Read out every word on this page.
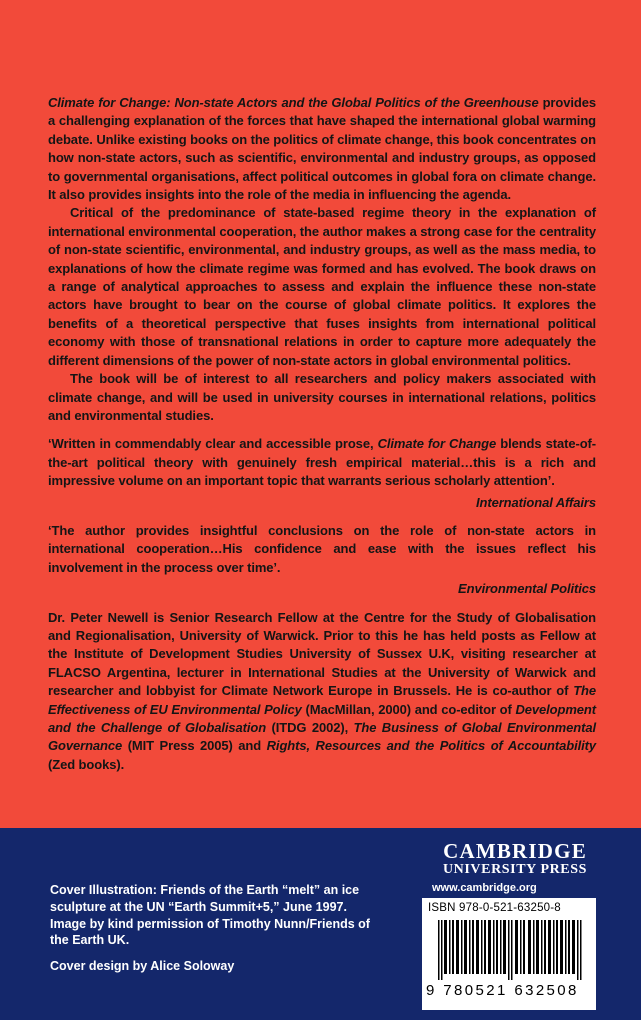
Climate for Change: Non-state Actors and the Global Politics of the Greenhouse provides a challenging explanation of the forces that have shaped the international global warming debate. Unlike existing books on the politics of climate change, this book concentrates on how non-state actors, such as scientific, environmental and industry groups, as opposed to governmental organisations, affect political outcomes in global fora on climate change. It also provides insights into the role of the media in influencing the agenda.

Critical of the predominance of state-based regime theory in the explanation of international environmental cooperation, the author makes a strong case for the centrality of non-state scientific, environmental, and industry groups, as well as the mass media, to explanations of how the climate regime was formed and has evolved. The book draws on a range of analytical approaches to assess and explain the influence these non-state actors have brought to bear on the course of global climate politics. It explores the benefits of a theoretical perspective that fuses insights from international political economy with those of transnational relations in order to capture more adequately the different dimensions of the power of non-state actors in global environmental politics.

The book will be of interest to all researchers and policy makers associated with climate change, and will be used in university courses in international relations, politics and environmental studies.

‘Written in commendably clear and accessible prose, Climate for Change blends state-of-the-art political theory with genuinely fresh empirical material…this is a rich and impressive volume on an important topic that warrants serious scholarly attention’.

International Affairs

‘The author provides insightful conclusions on the role of non-state actors in international cooperation…His confidence and ease with the issues reflect his involvement in the process over time’.

Environmental Politics

Dr. Peter Newell is Senior Research Fellow at the Centre for the Study of Globalisation and Regionalisation, University of Warwick. Prior to this he has held posts as Fellow at the Institute of Development Studies University of Sussex U.K, visiting researcher at FLACSO Argentina, lecturer in International Studies at the University of Warwick and researcher and lobbyist for Climate Network Europe in Brussels. He is co-author of The Effectiveness of EU Environmental Policy (MacMillan, 2000) and co-editor of Development and the Challenge of Globalisation (ITDG 2002), The Business of Global Environmental Governance (MIT Press 2005) and Rights, Resources and the Politics of Accountability (Zed books).

Cover Illustration: Friends of the Earth “melt” an ice sculpture at the UN “Earth Summit+5,” June 1997. Image by kind permission of Timothy Nunn/Friends of the Earth UK.

Cover design by Alice Soloway

CAMBRIDGE
UNIVERSITY PRESS
www.cambridge.org
ISBN 978-0-521-63250-8
9 780521 632508
